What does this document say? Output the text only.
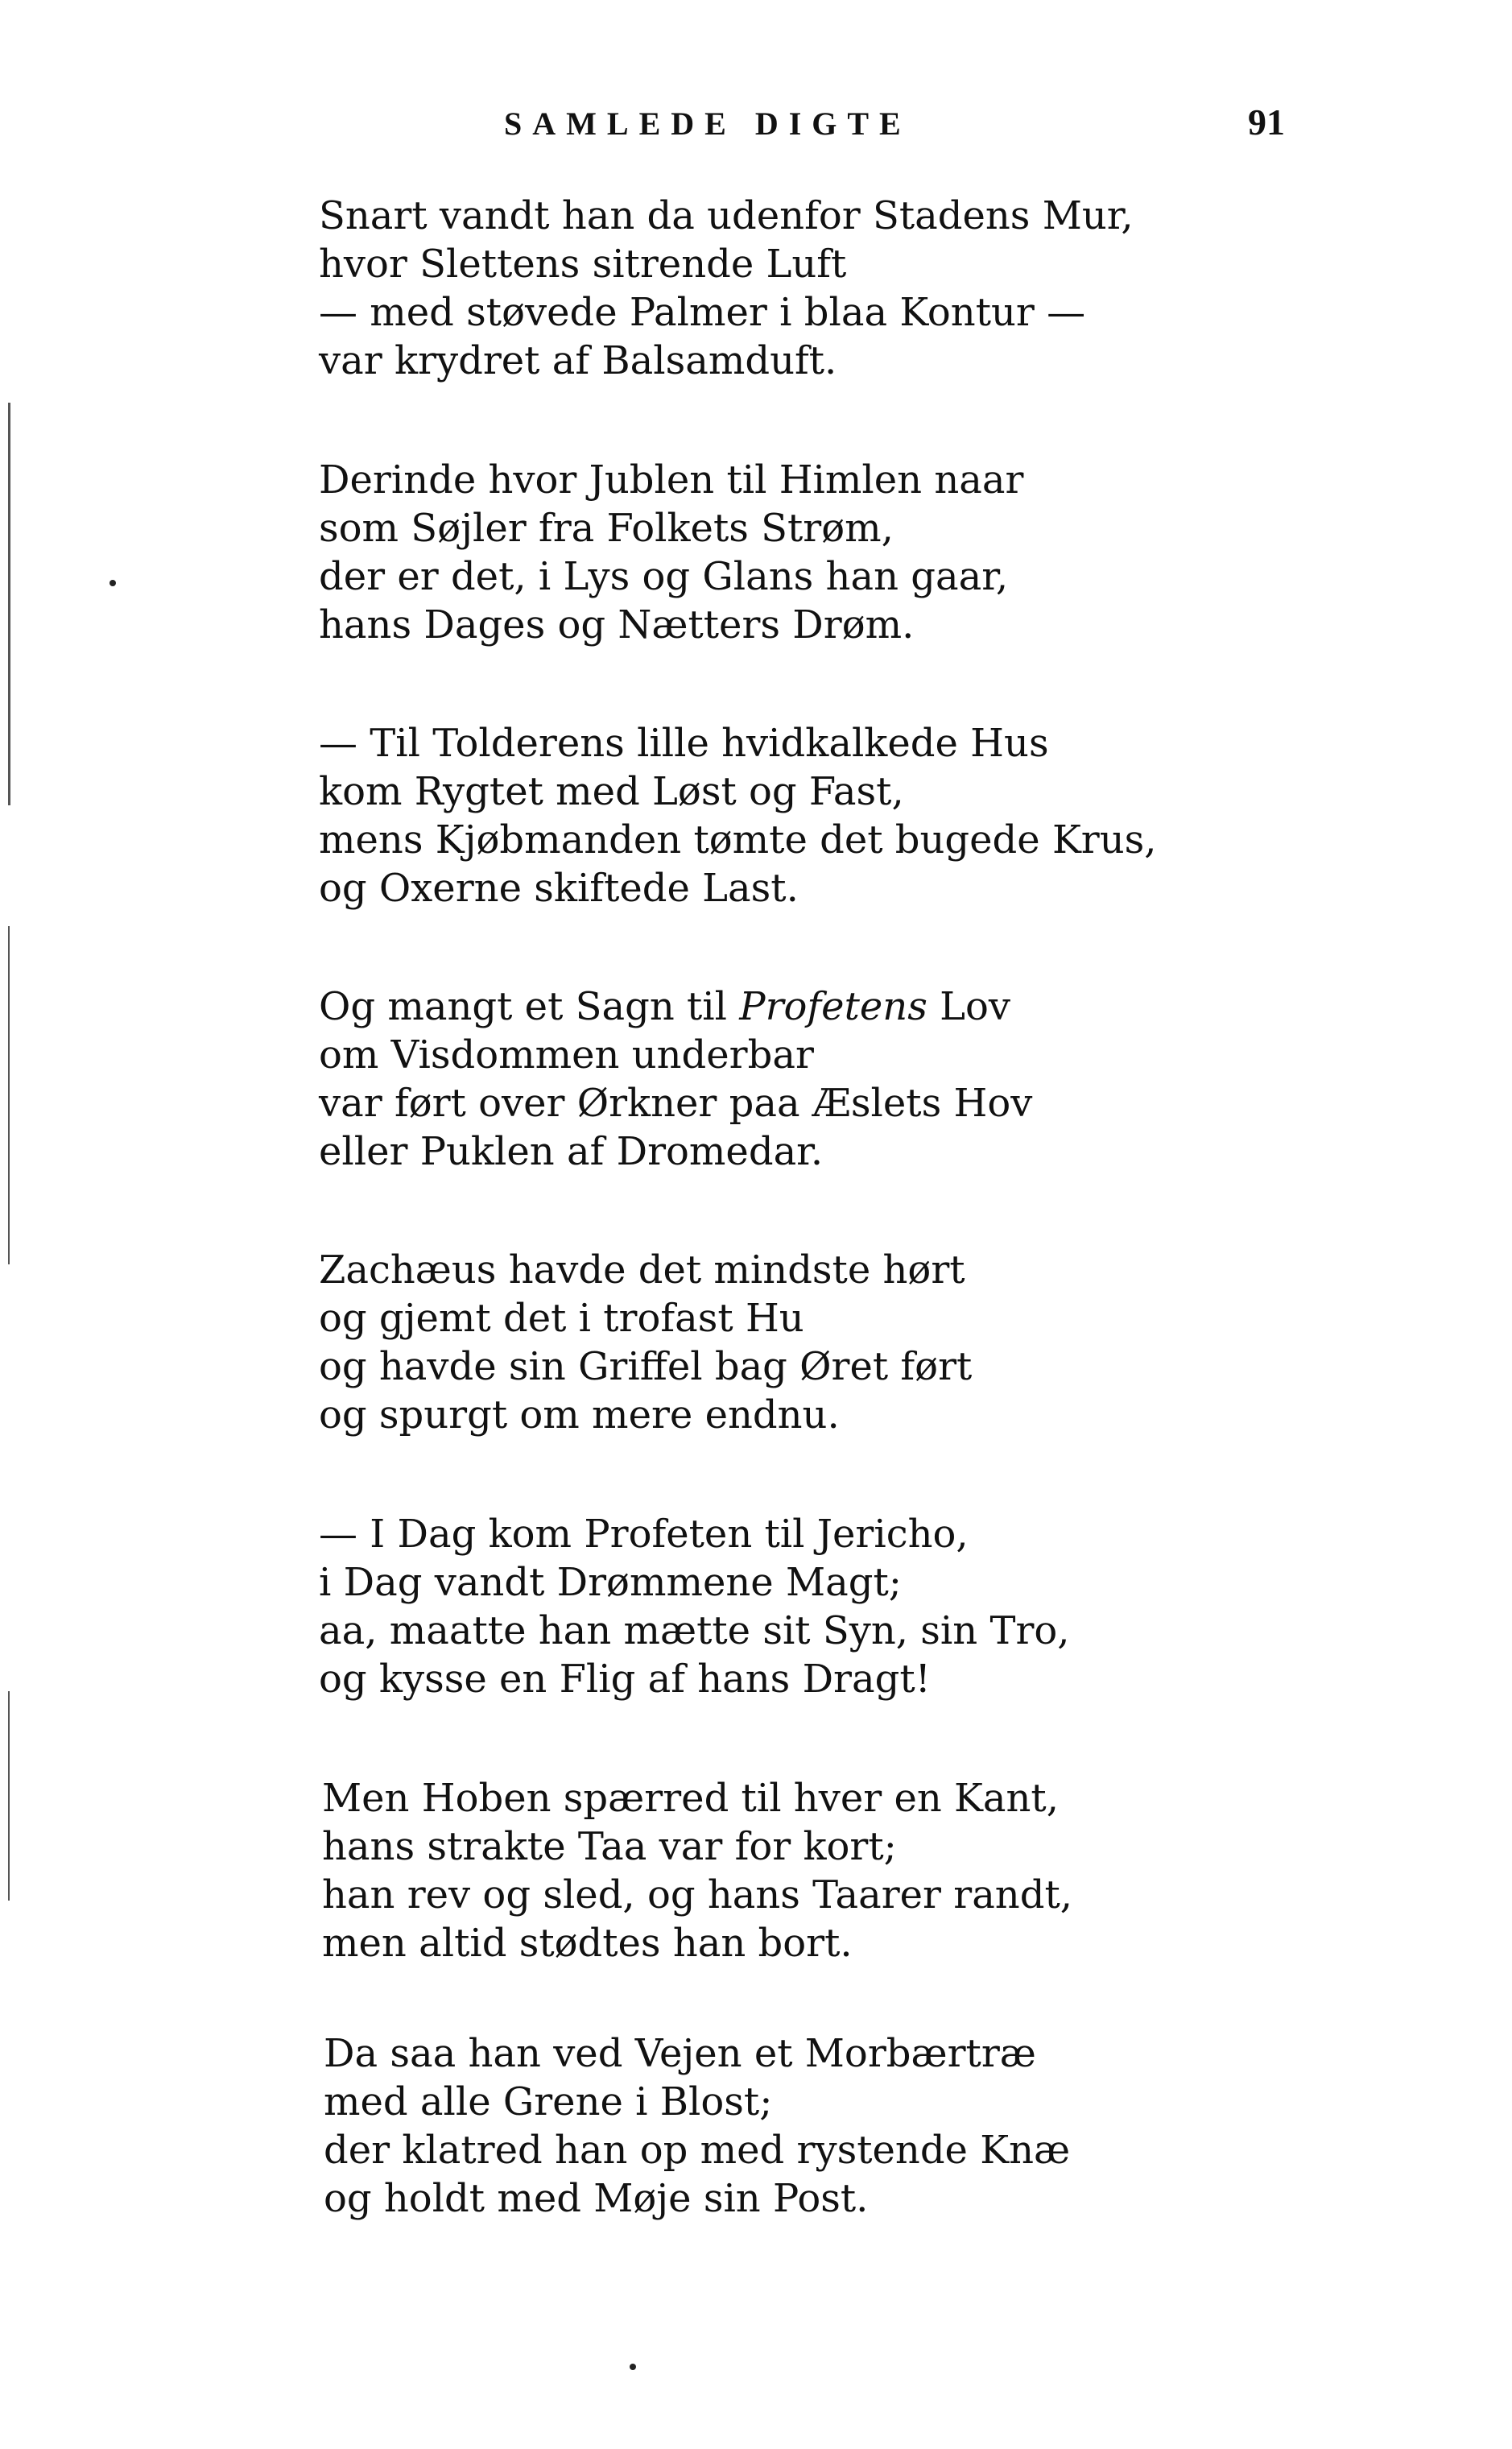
SAMLEDE DIGTE	91
Snart vandt han da udenfor Stadens Mur,
hvor Slettens sitrende Luft
— med støvede Palmer i blaa Kontur —
var krydret af Balsamduft.
Derinde hvor Jublen til Himlen naar
som Søjler fra Folkets Strøm,
der er det, i Lys og Glans han gaar,
hans Dages og Nætters Drøm.
— Til Tolderens lille hvidkalkede Hus
kom Rygtet med Løst og Fast,
mens Kjøbmanden tømte det bugede Krus,
og Oxerne skiftede Last.
Og mangt et Sagn til Profetens Lov
om Visdommen underbar
var ført over Ørkner paa Æslets Hov
eller Puklen af Dromedar.
Zachæus havde det mindste hørt
og gjemt det i trofast Hu
og havde sin Griffel bag Øret ført
og spurgt om mere endnu.
— I Dag kom Profeten til Jericho,
i Dag vandt Drømmene Magt;
aa, maatte han mætte sit Syn, sin Tro,
og kysse en Flig af hans Dragt!
Men Hoben spærred til hver en Kant,
hans strakte Taa var for kort;
han rev og sled, og hans Taarer randt,
men altid stødtes han bort.
Da saa han ved Vejen et Morbærtræ
med alle Grene i Blost;
der klatred han op med rystende Knæ
og holdt med Møje sin Post.
